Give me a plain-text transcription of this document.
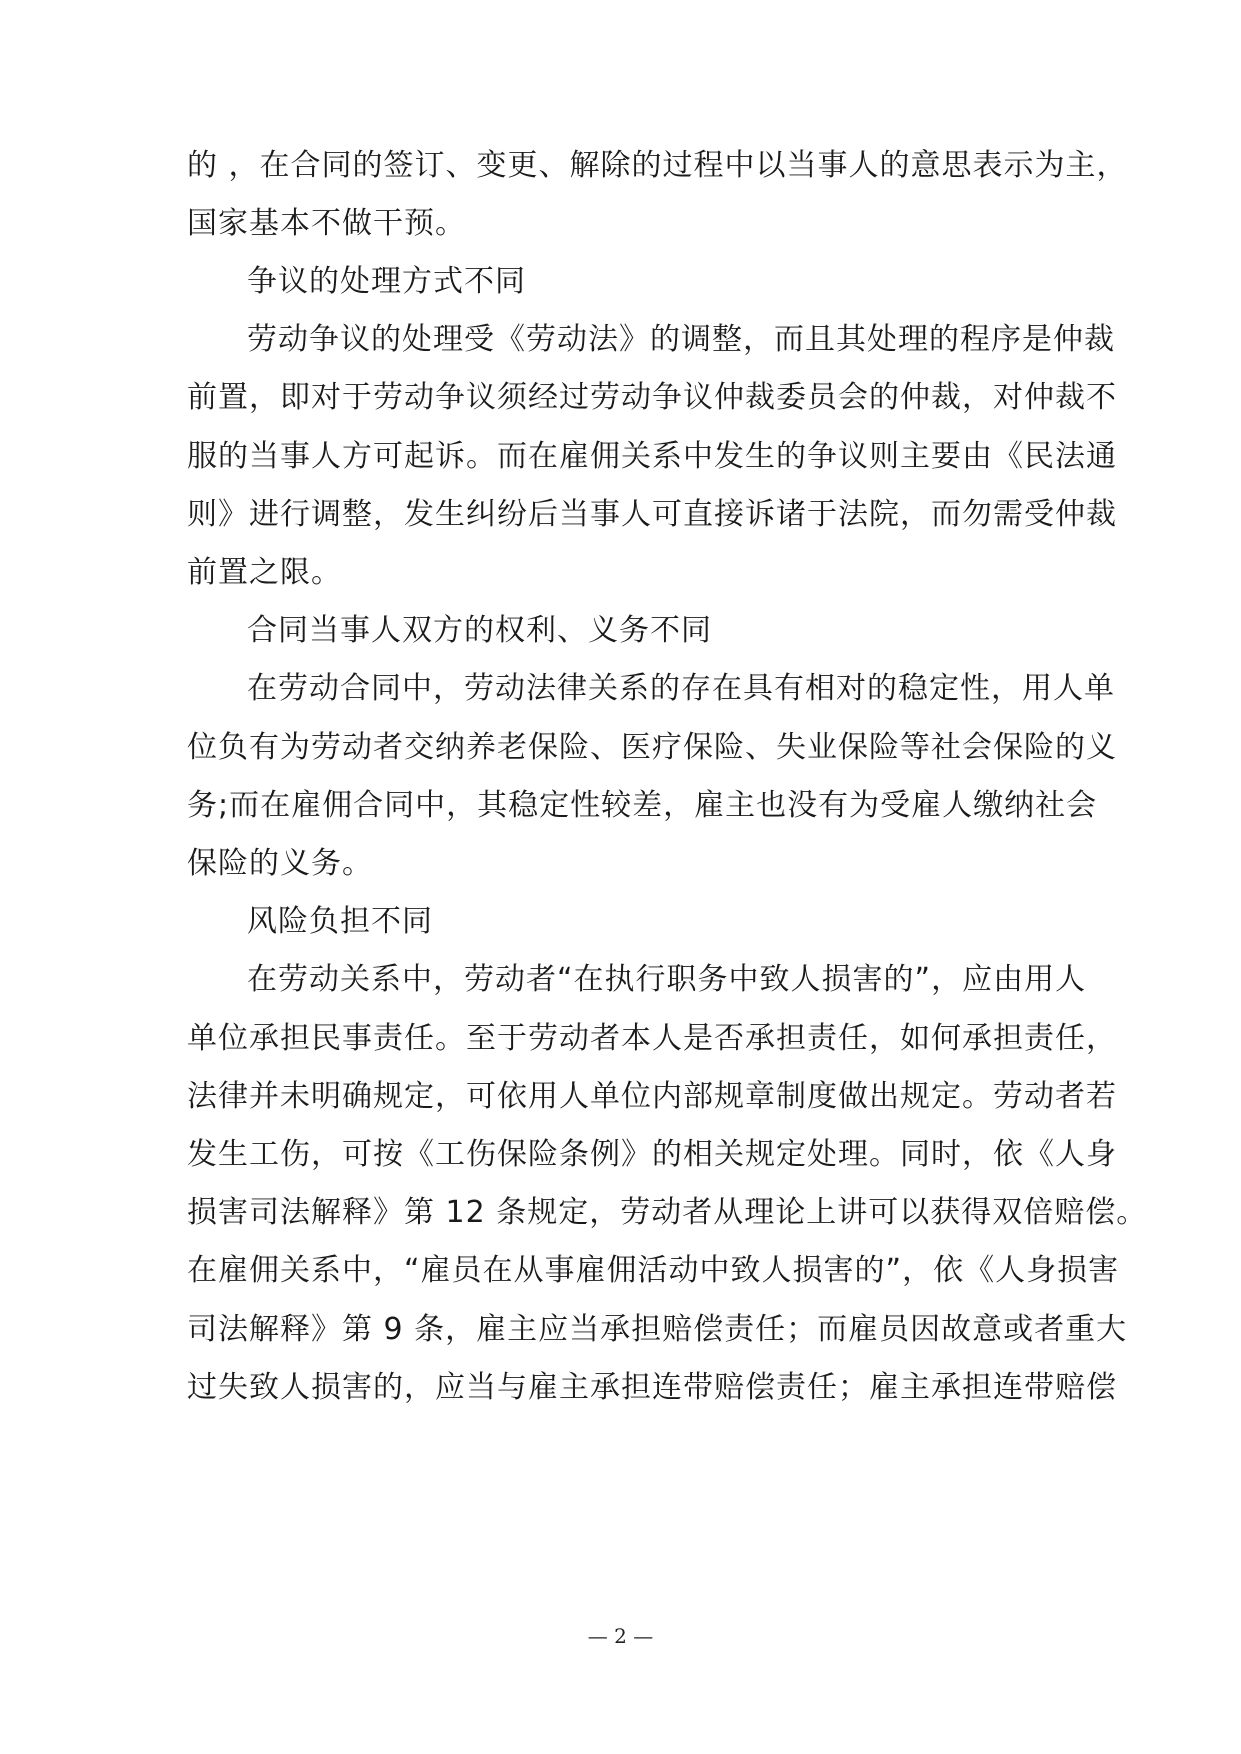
的 ，在合同的签订、变更、解除的过程中以当事人的意思表示为主，
国家基本不做干预。
争议的处理方式不同
劳动争议的处理受《劳动法》的调整，而且其处理的程序是仲裁
前置，即对于劳动争议须经过劳动争议仲裁委员会的仲裁，对仲裁不
服的当事人方可起诉。而在雇佣关系中发生的争议则主要由《民法通
则》进行调整，发生纠纷后当事人可直接诉诸于法院，而勿需受仲裁
前置之限。
合同当事人双方的权利、义务不同
在劳动合同中，劳动法律关系的存在具有相对的稳定性，用人单
位负有为劳动者交纳养老保险、医疗保险、失业保险等社会保险的义
务;而在雇佣合同中，其稳定性较差，雇主也没有为受雇人缴纳社会
保险的义务。
风险负担不同
在劳动关系中，劳动者“在执行职务中致人损害的”，应由用人
单位承担民事责任。至于劳动者本人是否承担责任，如何承担责任，
法律并未明确规定，可依用人单位内部规章制度做出规定。劳动者若
发生工伤，可按《工伤保险条例》的相关规定处理。同时，依《人身
损害司法解释》第 12 条规定，劳动者从理论上讲可以获得双倍赔偿。
在雇佣关系中，“雇员在从事雇佣活动中致人损害的”，依《人身损害
司法解释》第 9 条，雇主应当承担赔偿责任；而雇员因故意或者重大
过失致人损害的，应当与雇主承担连带赔偿责任；雇主承担连带赔偿
— 2 —
